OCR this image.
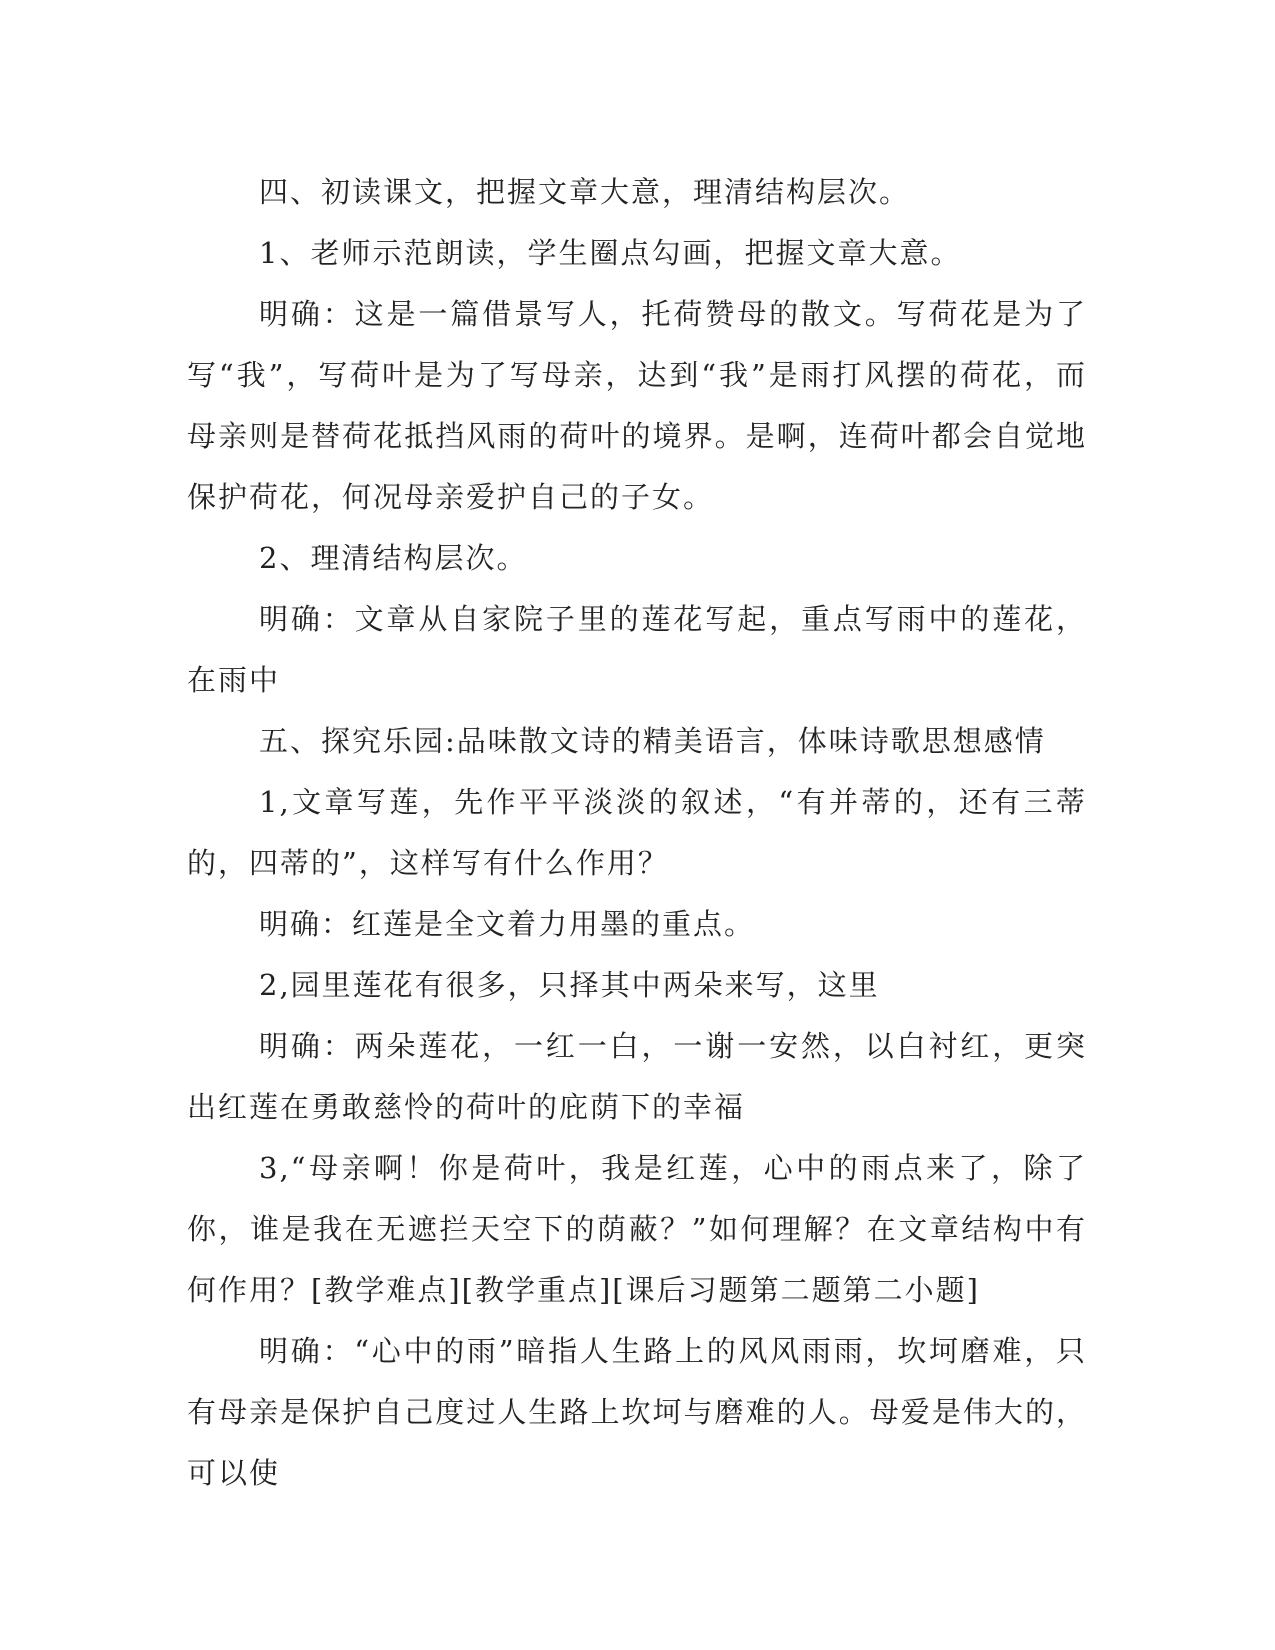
四、初读课文，把握文章大意，理清结构层次。

1、老师示范朗读，学生圈点勾画，把握文章大意。

明确：这是一篇借景写人，托荷赞母的散文。写荷花是为了写“我”，写荷叶是为了写母亲，达到“我”是雨打风摆的荷花，而母亲则是替荷花抵挡风雨的荷叶的境界。是啊，连荷叶都会自觉地保护荷花，何况母亲爱护自己的子女。

2、理清结构层次。

明确：文章从自家院子里的莲花写起，重点写雨中的莲花，在雨中

五、探究乐园:品味散文诗的精美语言，体味诗歌思想感情

1,文章写莲，先作平平淡淡的叙述，“有并蒂的，还有三蒂的，四蒂的”，这样写有什么作用？

明确：红莲是全文着力用墨的重点。

2,园里莲花有很多，只择其中两朵来写，这里

明确：两朵莲花，一红一白，一谢一安然，以白衬红，更突出红莲在勇敢慈怜的荷叶的庇荫下的幸福

3,“母亲啊！你是荷叶，我是红莲，心中的雨点来了，除了你，谁是我在无遮拦天空下的荫蔽？”如何理解？在文章结构中有何作用？[教学难点][教学重点][课后习题第二题第二小题]

明确：“心中的雨”暗指人生路上的风风雨雨，坎坷磨难，只有母亲是保护自己度过人生路上坎坷与磨难的人。母爱是伟大的，可以使
